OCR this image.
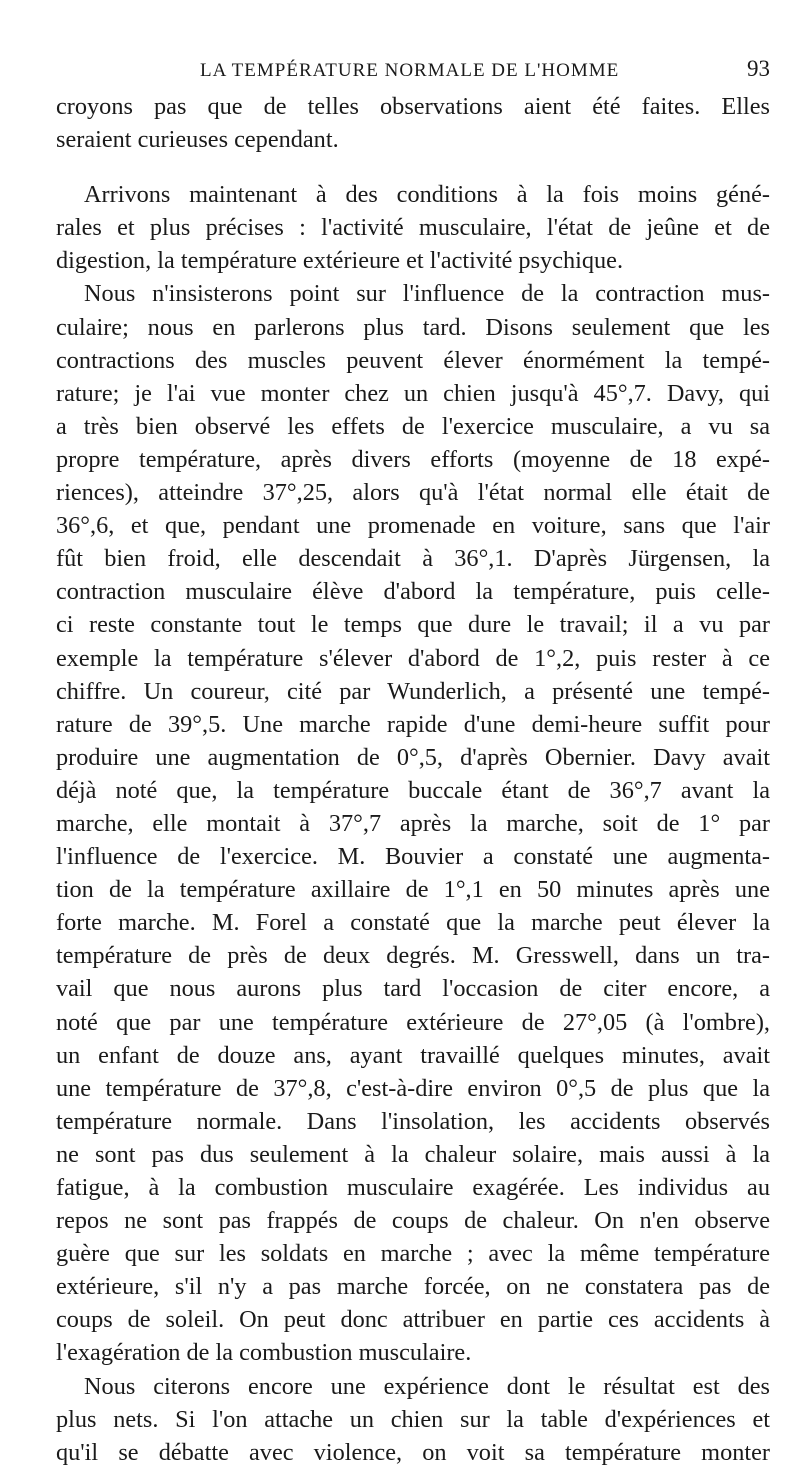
LA TEMPÉRATURE NORMALE DE L'HOMME	93
croyons pas que de telles observations aient été faites. Elles
seraient curieuses cependant.
Arrivons maintenant à des conditions à la fois moins géné-
rales et plus précises : l'activité musculaire, l'état de jeûne et de
digestion, la température extérieure et l'activité psychique.
Nous n'insisterons point sur l'influence de la contraction mus-
culaire; nous en parlerons plus tard. Disons seulement que les
contractions des muscles peuvent élever énormément la tempé-
rature; je l'ai vue monter chez un chien jusqu'à 45°,7. Davy, qui
a très bien observé les effets de l'exercice musculaire, a vu sa
propre température, après divers efforts (moyenne de 18 expé-
riences), atteindre 37°,25, alors qu'à l'état normal elle était de
36°,6, et que, pendant une promenade en voiture, sans que l'air
fût bien froid, elle descendait à 36°,1. D'après Jürgensen, la
contraction musculaire élève d'abord la température, puis celle-
ci reste constante tout le temps que dure le travail; il a vu par
exemple la température s'élever d'abord de 1°,2, puis rester à ce
chiffre. Un coureur, cité par Wunderlich, a présenté une tempé-
rature de 39°,5. Une marche rapide d'une demi-heure suffit pour
produire une augmentation de 0°,5, d'après Obernier. Davy avait
déjà noté que, la température buccale étant de 36°,7 avant la
marche, elle montait à 37°,7 après la marche, soit de 1° par
l'influence de l'exercice. M. Bouvier a constaté une augmenta-
tion de la température axillaire de 1°,1 en 50 minutes après une
forte marche. M. Forel a constaté que la marche peut élever la
température de près de deux degrés. M. Gresswell, dans un tra-
vail que nous aurons plus tard l'occasion de citer encore, a
noté que par une température extérieure de 27°,05 (à l'ombre),
un enfant de douze ans, ayant travaillé quelques minutes, avait
une température de 37°,8, c'est-à-dire environ 0°,5 de plus que la
température normale. Dans l'insolation, les accidents observés
ne sont pas dus seulement à la chaleur solaire, mais aussi à la
fatigue, à la combustion musculaire exagérée. Les individus au
repos ne sont pas frappés de coups de chaleur. On n'en observe
guère que sur les soldats en marche ; avec la même température
extérieure, s'il n'y a pas marche forcée, on ne constatera pas de
coups de soleil. On peut donc attribuer en partie ces accidents à
l'exagération de la combustion musculaire.
Nous citerons encore une expérience dont le résultat est des
plus nets. Si l'on attache un chien sur la table d'expériences et
qu'il se débatte avec violence, on voit sa température monter
